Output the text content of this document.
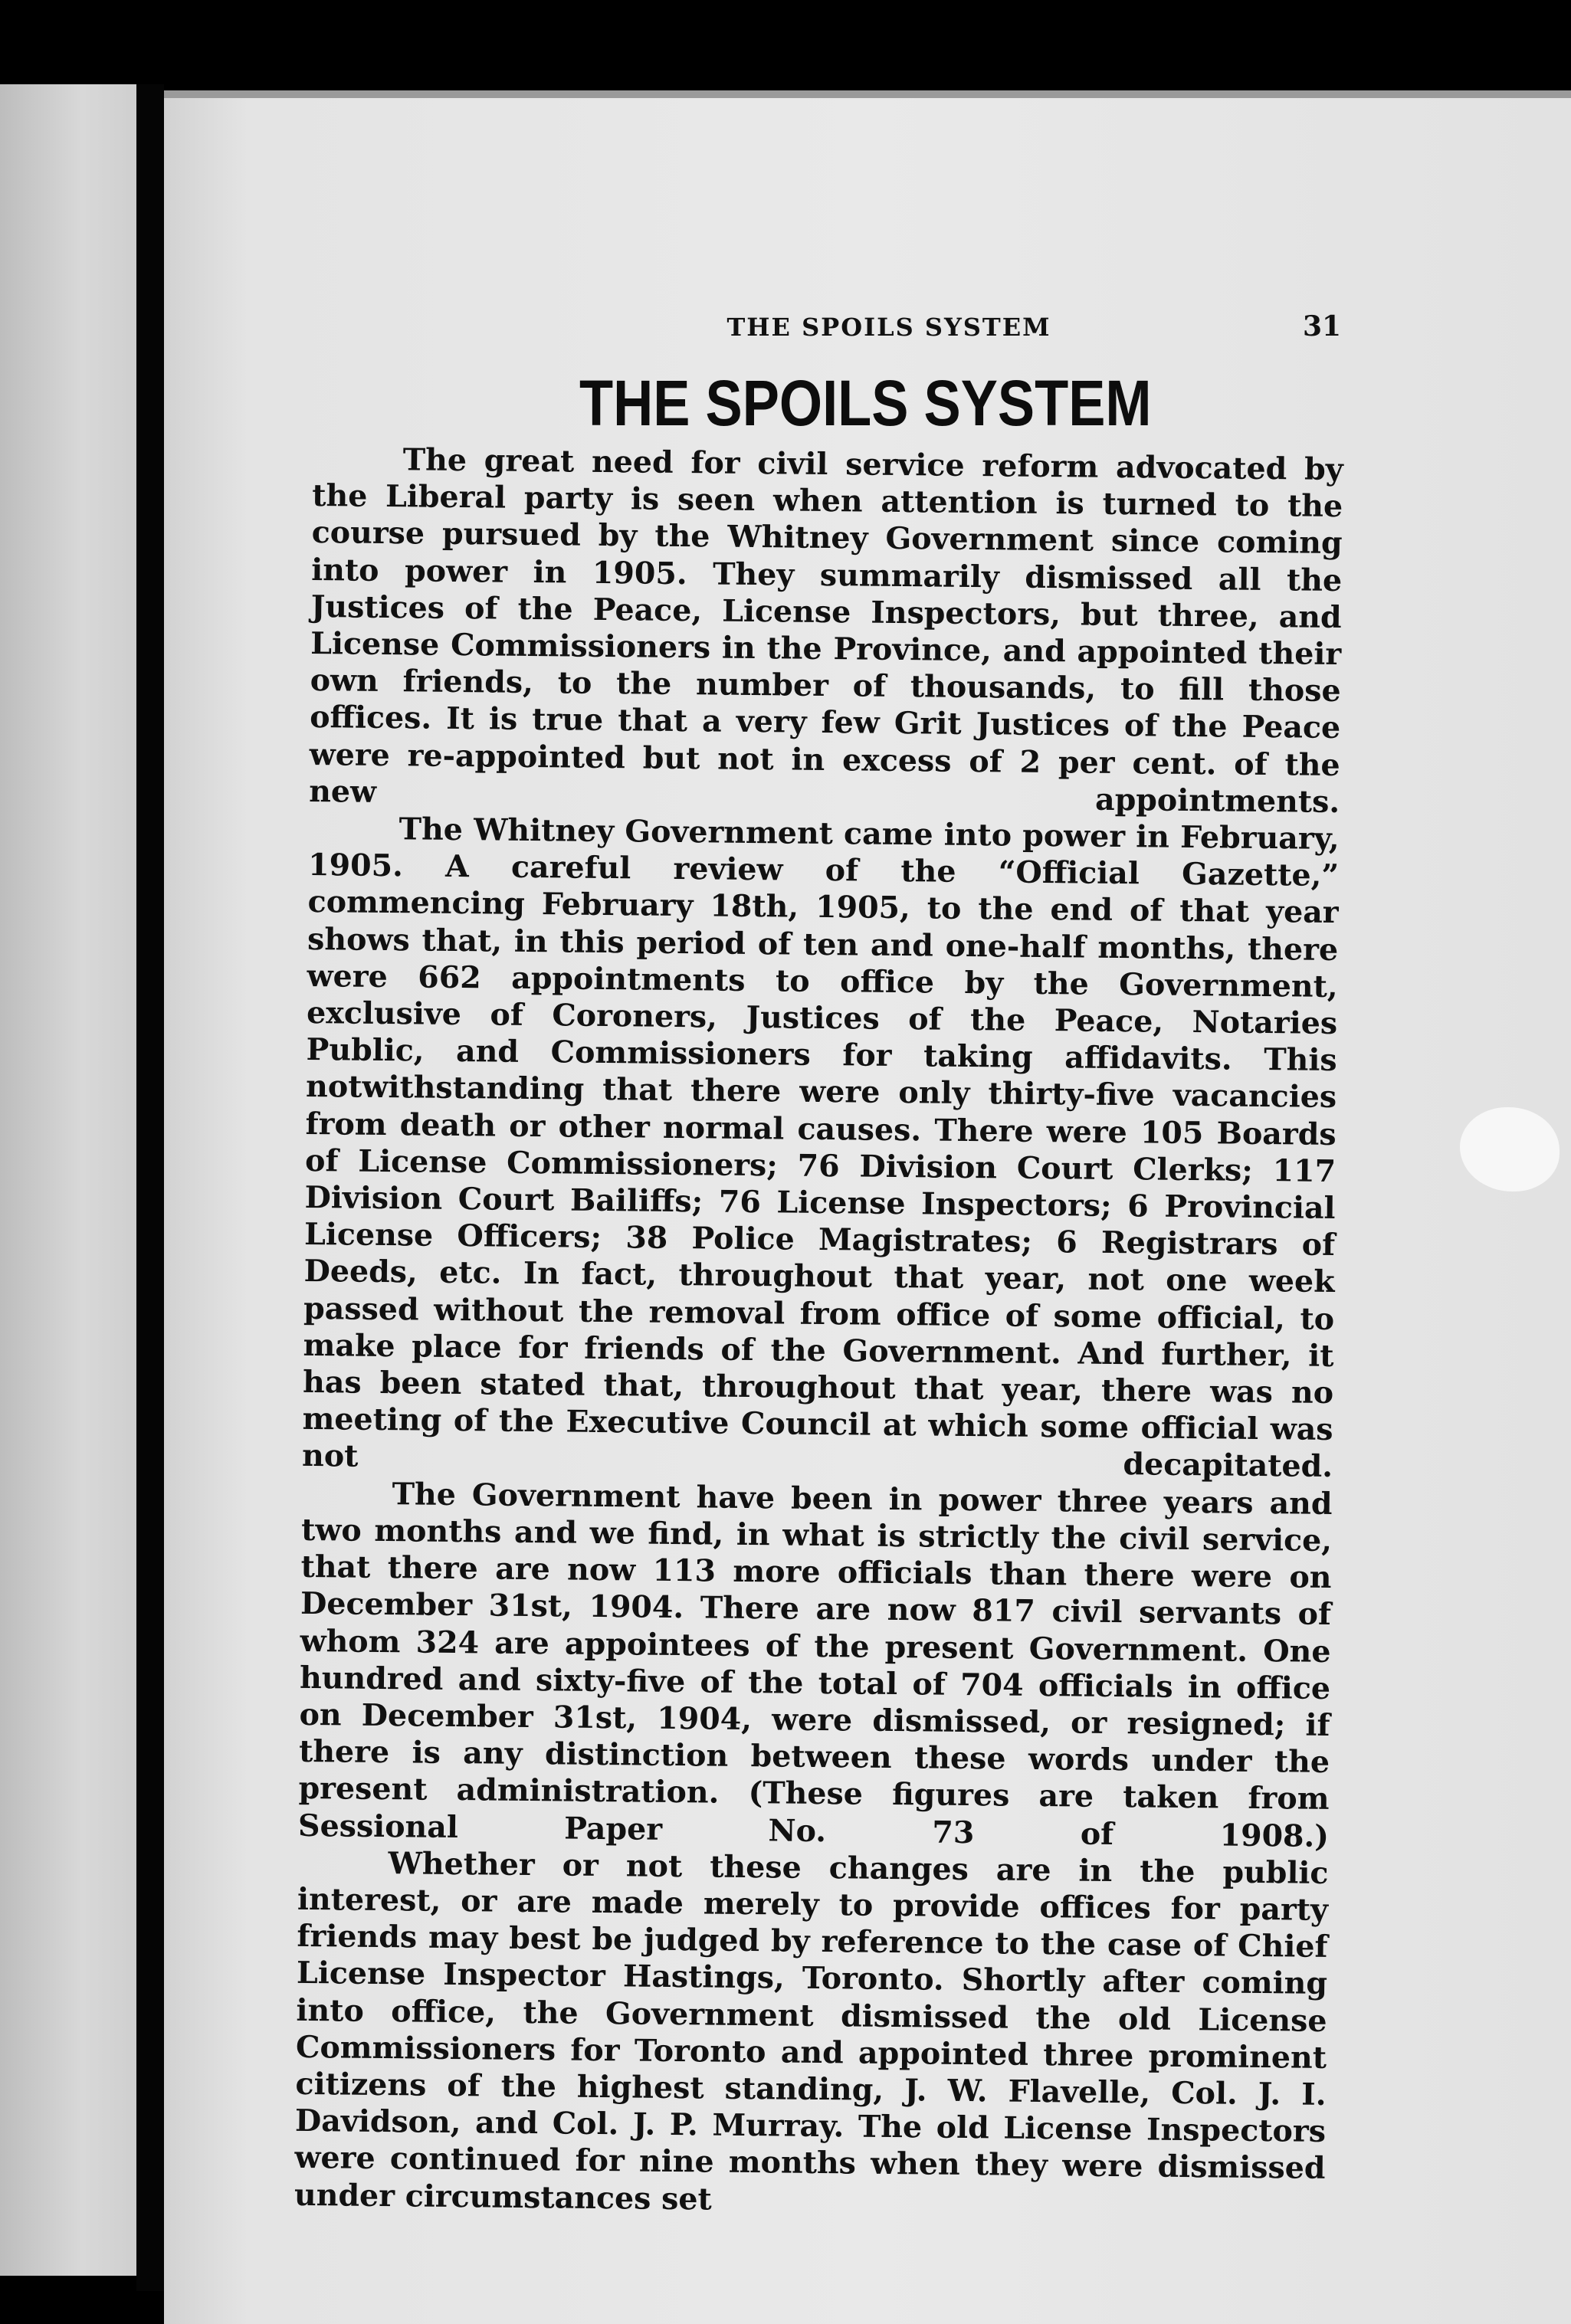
THE SPOILS SYSTEM	31
THE SPOILS SYSTEM

The great need for civil service reform advocated by the Liberal party is seen when attention is turned to the course pursued by the Whitney Government since coming into power in 1905. They summarily dismissed all the Justices of the Peace, License Inspectors, but three, and License Commissioners in the Province, and appointed their own friends, to the number of thousands, to fill those offices. It is true that a very few Grit Justices of the Peace were re-appointed but not in excess of 2 per cent. of the new appointments.

The Whitney Government came into power in February, 1905. A careful review of the “Official Gazette,” commencing February 18th, 1905, to the end of that year shows that, in this period of ten and one-half months, there were 662 appointments to office by the Government, exclusive of Coroners, Justices of the Peace, Notaries Public, and Commissioners for taking affidavits. This notwithstanding that there were only thirty-five vacancies from death or other normal causes. There were 105 Boards of License Commissioners; 76 Division Court Clerks; 117 Division Court Bailiffs; 76 License Inspectors; 6 Provincial License Officers; 38 Police Magistrates; 6 Registrars of Deeds, etc. In fact, throughout that year, not one week passed without the removal from office of some official, to make place for friends of the Government. And further, it has been stated that, throughout that year, there was no meeting of the Executive Council at which some official was not decapitated.

The Government have been in power three years and two months and we find, in what is strictly the civil service, that there are now 113 more officials than there were on December 31st, 1904. There are now 817 civil servants of whom 324 are appointees of the present Government. One hundred and sixty-five of the total of 704 officials in office on December 31st, 1904, were dismissed, or resigned; if there is any distinction between these words under the present administration. (These figures are taken from Sessional Paper No. 73 of 1908.)

Whether or not these changes are in the public interest, or are made merely to provide offices for party friends may best be judged by reference to the case of Chief License Inspector Hastings, Toronto. Shortly after coming into office, the Government dismissed the old License Commissioners for Toronto and appointed three prominent citizens of the highest standing, J. W. Flavelle, Col. J. I. Davidson, and Col. J. P. Murray. The old License Inspectors were continued for nine months when they were dismissed under circumstances set
